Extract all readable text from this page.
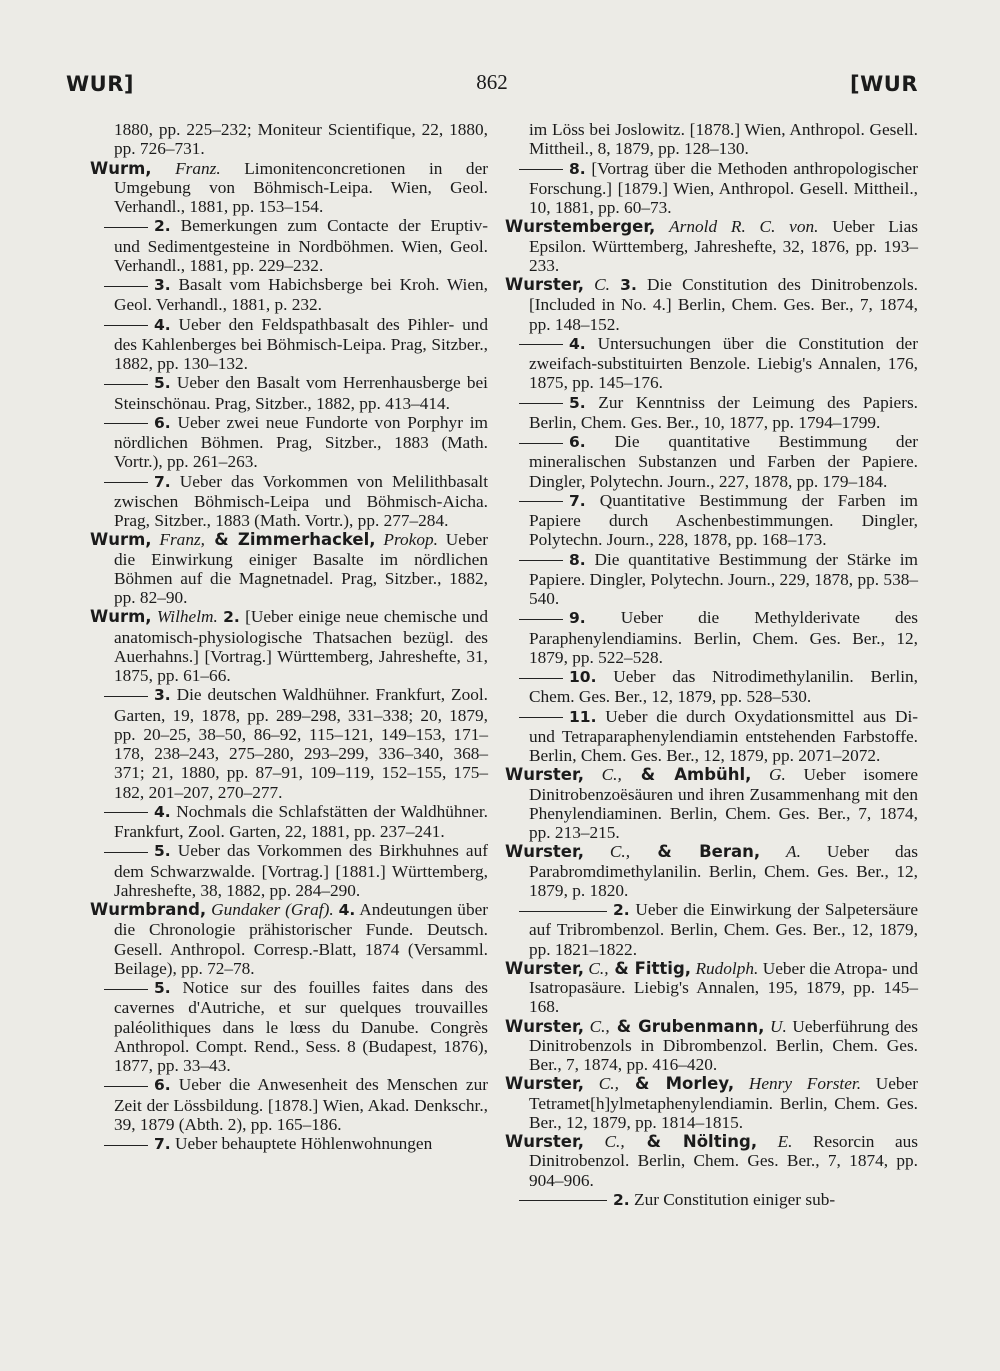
WUR]	862	[WUR
1880, pp. 225–232; Moniteur Scientifique, 22, 1880, pp. 726–731.
Wurm, Franz. Limonitenconcretionen in der Umgebung von Böhmisch-Leipa. Wien, Geol. Verhandl., 1881, pp. 153–154.
2. Bemerkungen zum Contacte der Eruptiv- und Sedimentgesteine in Nordböhmen. Wien, Geol. Verhandl., 1881, pp. 229–232.
3. Basalt vom Habichsberge bei Kroh. Wien, Geol. Verhandl., 1881, p. 232.
4. Ueber den Feldspathbasalt des Pihler- und des Kahlenberges bei Böhmisch-Leipa. Prag, Sitzber., 1882, pp. 130–132.
5. Ueber den Basalt vom Herrenhausberge bei Steinschönau. Prag, Sitzber., 1882, pp. 413–414.
6. Ueber zwei neue Fundorte von Porphyr im nördlichen Böhmen. Prag, Sitzber., 1883 (Math. Vortr.), pp. 261–263.
7. Ueber das Vorkommen von Melilithbasalt zwischen Böhmisch-Leipa und Böhmisch-Aicha. Prag, Sitzber., 1883 (Math. Vortr.), pp. 277–284.
Wurm, Franz, & Zimmerhackel, Prokop. Ueber die Einwirkung einiger Basalte im nördlichen Böhmen auf die Magnetnadel. Prag, Sitzber., 1882, pp. 82–90.
Wurm, Wilhelm. 2. [Ueber einige neue chemische und anatomisch-physiologische Thatsachen bezügl. des Auerhahns.] [Vortrag.] Württemberg, Jahreshefte, 31, 1875, pp. 61–66.
3. Die deutschen Waldhühner. Frankfurt, Zool. Garten, 19, 1878, pp. 289–298, 331–338; 20, 1879, pp. 20–25, 38–50, 86–92, 115–121, 149–153, 171–178, 238–243, 275–280, 293–299, 336–340, 368–371; 21, 1880, pp. 87–91, 109–119, 152–155, 175–182, 201–207, 270–277.
4. Nochmals die Schlafstätten der Waldhühner. Frankfurt, Zool. Garten, 22, 1881, pp. 237–241.
5. Ueber das Vorkommen des Birkhuhnes auf dem Schwarzwalde. [Vortrag.] [1881.] Württemberg, Jahreshefte, 38, 1882, pp. 284–290.
Wurmbrand, Gundaker (Graf). 4. Andeutungen über die Chronologie prähistorischer Funde. Deutsch. Gesell. Anthropol. Corresp.-Blatt, 1874 (Versamml. Beilage), pp. 72–78.
5. Notice sur des fouilles faites dans des cavernes d'Autriche, et sur quelques trouvailles paléolithiques dans le lœss du Danube. Congrès Anthropol. Compt. Rend., Sess. 8 (Budapest, 1876), 1877, pp. 33–43.
6. Ueber die Anwesenheit des Menschen zur Zeit der Lössbildung. [1878.] Wien, Akad. Denkschr., 39, 1879 (Abth. 2), pp. 165–186.
7. Ueber behauptete Höhlenwohnungen
im Löss bei Joslowitz. [1878.] Wien, Anthropol. Gesell. Mittheil., 8, 1879, pp. 128–130.
8. [Vortrag über die Methoden anthropologischer Forschung.] [1879.] Wien, Anthropol. Gesell. Mittheil., 10, 1881, pp. 60–73.
Wurstemberger, Arnold R. C. von. Ueber Lias Epsilon. Württemberg, Jahreshefte, 32, 1876, pp. 193–233.
Wurster, C. 3. Die Constitution des Dinitrobenzols. [Included in No. 4.] Berlin, Chem. Ges. Ber., 7, 1874, pp. 148–152.
4. Untersuchungen über die Constitution der zweifach-substituirten Benzole. Liebig's Annalen, 176, 1875, pp. 145–176.
5. Zur Kenntniss der Leimung des Papiers. Berlin, Chem. Ges. Ber., 10, 1877, pp. 1794–1799.
6. Die quantitative Bestimmung der mineralischen Substanzen und Farben der Papiere. Dingler, Polytechn. Journ., 227, 1878, pp. 179–184.
7. Quantitative Bestimmung der Farben im Papiere durch Aschenbestimmungen. Dingler, Polytechn. Journ., 228, 1878, pp. 168–173.
8. Die quantitative Bestimmung der Stärke im Papiere. Dingler, Polytechn. Journ., 229, 1878, pp. 538–540.
9. Ueber die Methylderivate des Paraphenylendiamins. Berlin, Chem. Ges. Ber., 12, 1879, pp. 522–528.
10. Ueber das Nitrodimethylanilin. Berlin, Chem. Ges. Ber., 12, 1879, pp. 528–530.
11. Ueber die durch Oxydationsmittel aus Di- und Tetraparaphenylendiamin entstehenden Farbstoffe. Berlin, Chem. Ges. Ber., 12, 1879, pp. 2071–2072.
Wurster, C., & Ambühl, G. Ueber isomere Dinitrobenzoësäuren und ihren Zusammenhang mit den Phenylendiaminen. Berlin, Chem. Ges. Ber., 7, 1874, pp. 213–215.
Wurster, C., & Beran, A. Ueber das Parabromdimethylanilin. Berlin, Chem. Ges. Ber., 12, 1879, p. 1820.
2. Ueber die Einwirkung der Salpetersäure auf Tribrombenzol. Berlin, Chem. Ges. Ber., 12, 1879, pp. 1821–1822.
Wurster, C., & Fittig, Rudolph. Ueber die Atropa- und Isatropasäure. Liebig's Annalen, 195, 1879, pp. 145–168.
Wurster, C., & Grubenmann, U. Ueberführung des Dinitrobenzols in Dibrombenzol. Berlin, Chem. Ges. Ber., 7, 1874, pp. 416–420.
Wurster, C., & Morley, Henry Forster. Ueber Tetramet[h]ylmetaphenylendiamin. Berlin, Chem. Ges. Ber., 12, 1879, pp. 1814–1815.
Wurster, C., & Nölting, E. Resorcin aus Dinitrobenzol. Berlin, Chem. Ges. Ber., 7, 1874, pp. 904–906.
2. Zur Constitution einiger sub-
